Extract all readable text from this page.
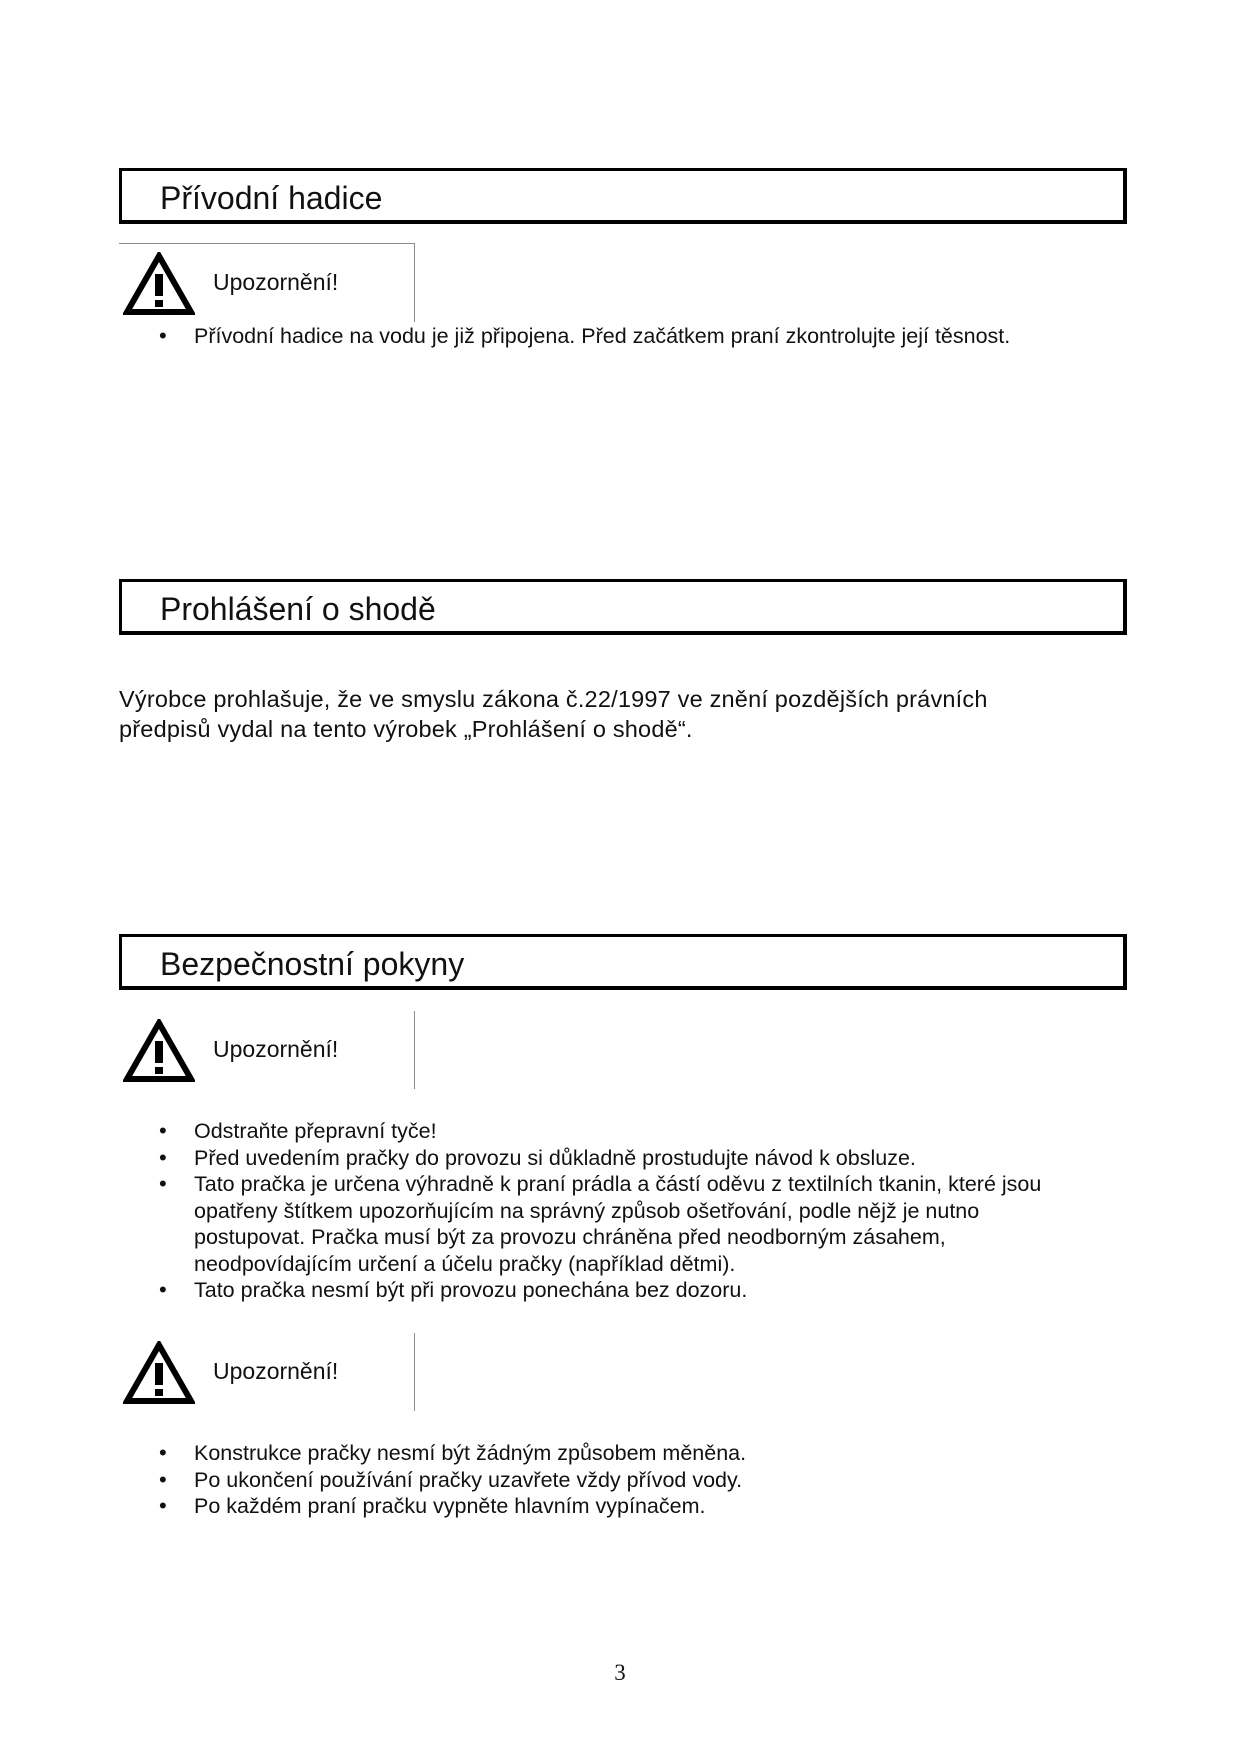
Přívodní hadice
Upozornění!
• Přívodní hadice na vodu je již připojena. Před začátkem praní zkontrolujte její těsnost.
Prohlášení o shodě
Výrobce prohlašuje, že ve smyslu zákona č.22/1997 ve znění pozdějších právních
předpisů vydal na tento výrobek „Prohlášení o shodě“.
Bezpečnostní pokyny
Upozornění!
• Odstraňte přepravní tyče!
• Před uvedením pračky do provozu si důkladně prostudujte návod k obsluze.
• Tato pračka je určena výhradně k praní prádla a částí oděvu z textilních tkanin, které jsou opatřeny štítkem upozorňujícím na správný způsob ošetřování, podle nějž je nutno postupovat. Pračka musí být za provozu chráněna před neodborným zásahem, neodpovídajícím určení a účelu pračky (například dětmi).
• Tato pračka nesmí být při provozu ponechána bez dozoru.
Upozornění!
• Konstrukce pračky nesmí být žádným způsobem měněna.
• Po ukončení používání pračky uzavřete vždy přívod vody.
• Po každém praní pračku vypněte hlavním vypínačem.
3
